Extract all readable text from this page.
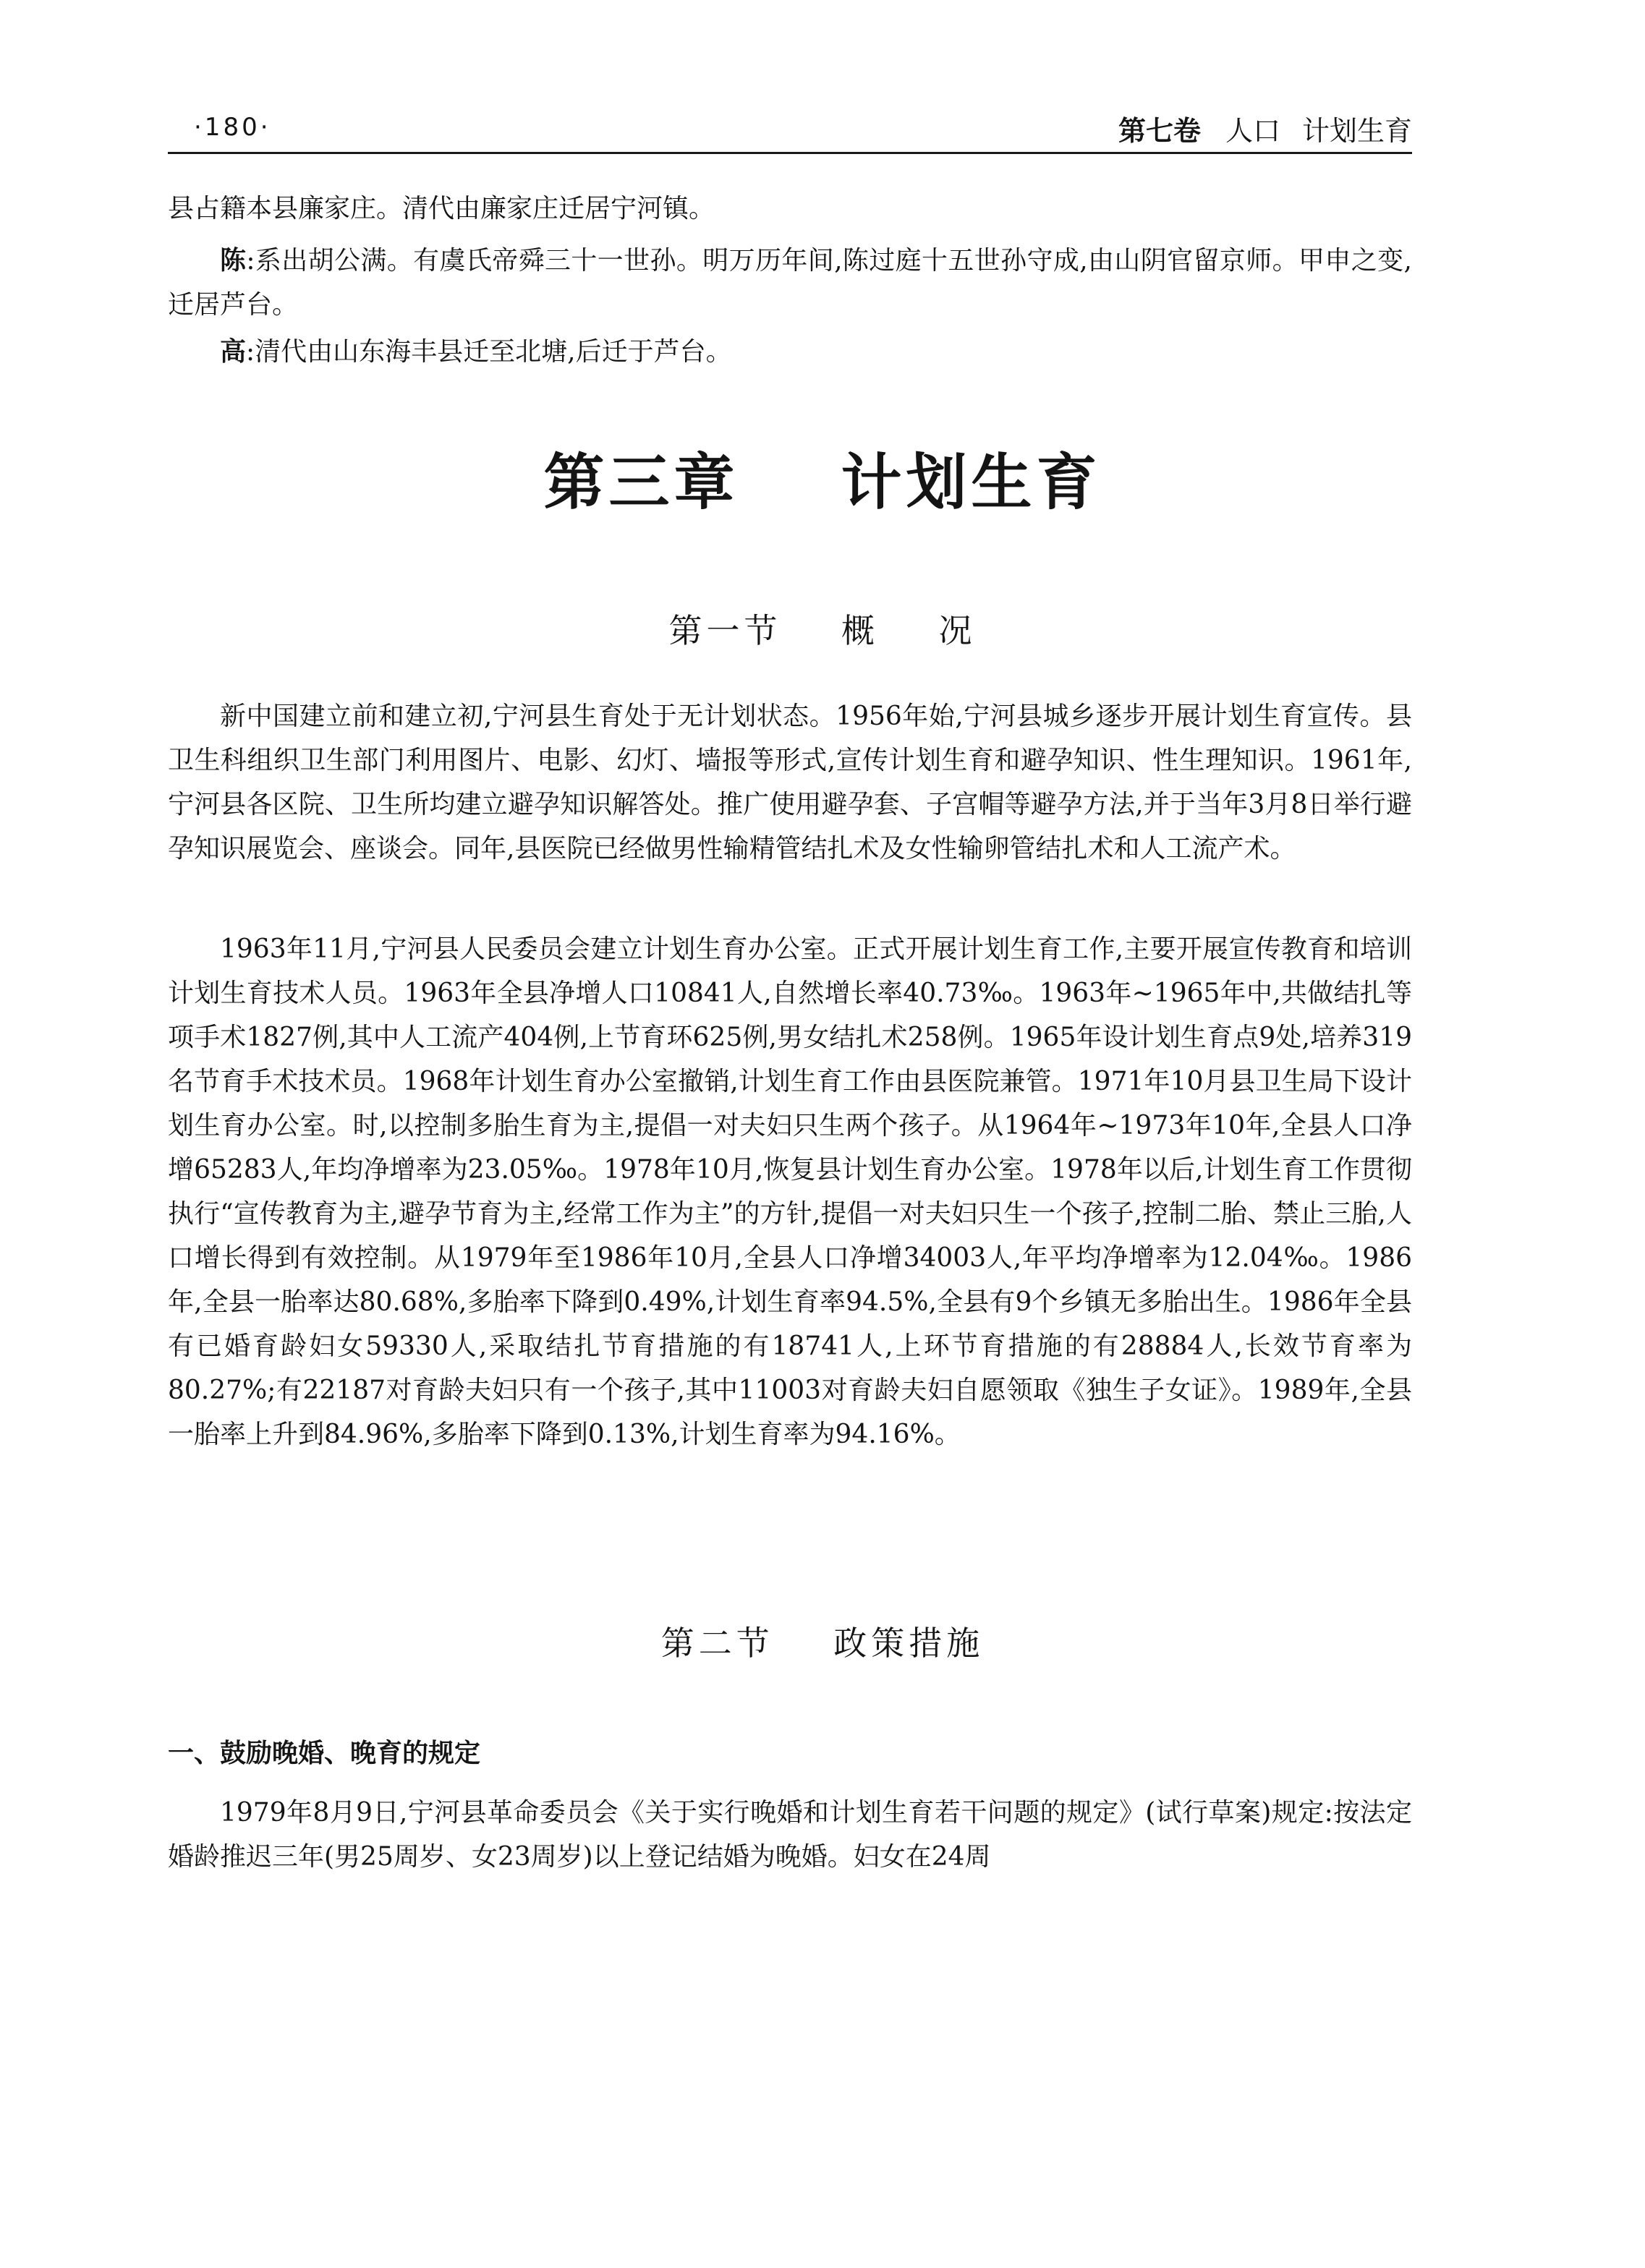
·180·	第七卷 人口 计划生育

县占籍本县廉家庄。清代由廉家庄迁居宁河镇。

陈:系出胡公满。有虞氏帝舜三十一世孙。明万历年间,陈过庭十五世孙守成,由山阴官留京师。甲申之变,迁居芦台。

高:清代由山东海丰县迁至北塘,后迁于芦台。

第三章    计划生育
第一节    概    况

新中国建立前和建立初,宁河县生育处于无计划状态。1956年始,宁河县城乡逐步开展计划生育宣传。县卫生科组织卫生部门利用图片、电影、幻灯、墙报等形式,宣传计划生育和避孕知识、性生理知识。1961年,宁河县各区院、卫生所均建立避孕知识解答处。推广使用避孕套、子宫帽等避孕方法,并于当年3月8日举行避孕知识展览会、座谈会。同年,县医院已经做男性输精管结扎术及女性输卵管结扎术和人工流产术。

1963年11月,宁河县人民委员会建立计划生育办公室。正式开展计划生育工作,主要开展宣传教育和培训计划生育技术人员。1963年全县净增人口10841人,自然增长率40.73‰。1963年~1965年中,共做结扎等项手术1827例,其中人工流产404例,上节育环625例,男女结扎术258例。1965年设计划生育点9处,培养319名节育手术技术员。1968年计划生育办公室撤销,计划生育工作由县医院兼管。1971年10月县卫生局下设计划生育办公室。时,以控制多胎生育为主,提倡一对夫妇只生两个孩子。从1964年~1973年10年,全县人口净增65283人,年均净增率为23.05‰。1978年10月,恢复县计划生育办公室。1978年以后,计划生育工作贯彻执行“宣传教育为主,避孕节育为主,经常工作为主”的方针,提倡一对夫妇只生一个孩子,控制二胎、禁止三胎,人口增长得到有效控制。从1979年至1986年10月,全县人口净增34003人,年平均净增率为12.04‰。1986年,全县一胎率达80.68%,多胎率下降到0.49%,计划生育率94.5%,全县有9个乡镇无多胎出生。1986年全县有已婚育龄妇女59330人,采取结扎节育措施的有18741人,上环节育措施的有28884人,长效节育率为80.27%;有22187对育龄夫妇只有一个孩子,其中11003对育龄夫妇自愿领取《独生子女证》。1989年,全县一胎率上升到84.96%,多胎率下降到0.13%,计划生育率为94.16%。

第二节    政策措施
一、鼓励晚婚、晚育的规定

1979年8月9日,宁河县革命委员会《关于实行晚婚和计划生育若干问题的规定》(试行草案)规定:按法定婚龄推迟三年(男25周岁、女23周岁)以上登记结婚为晚婚。妇女在24周
